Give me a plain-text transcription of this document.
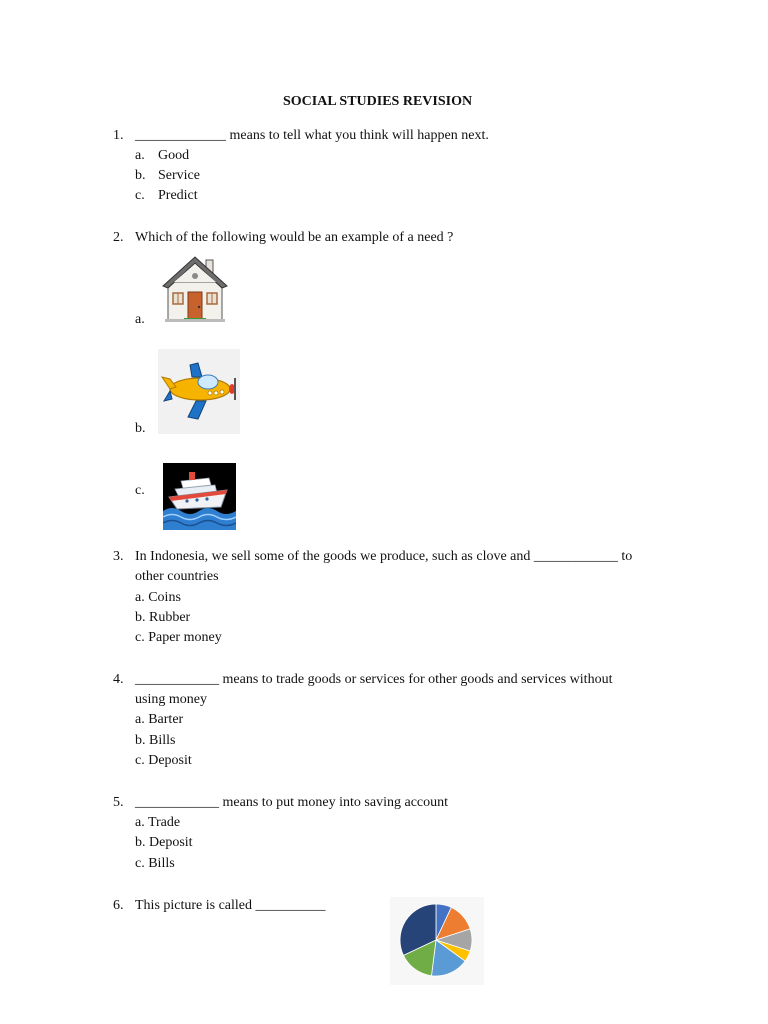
SOCIAL STUDIES REVISION
1. _____________ means to tell what you think will happen next.
a. Good
b. Service
c. Predict
2. Which of the following would be an example of a need ?
a.
b.
c.
3. In Indonesia, we sell some of the goods we produce, such as clove and ____________ to
other countries
a. Coins
b. Rubber
c. Paper money
4. ____________ means to trade goods or services for other goods and services without
using money
a. Barter
b. Bills
c. Deposit
5. ____________ means to put money into saving account
a. Trade
b. Deposit
c. Bills
6. This picture is called __________
